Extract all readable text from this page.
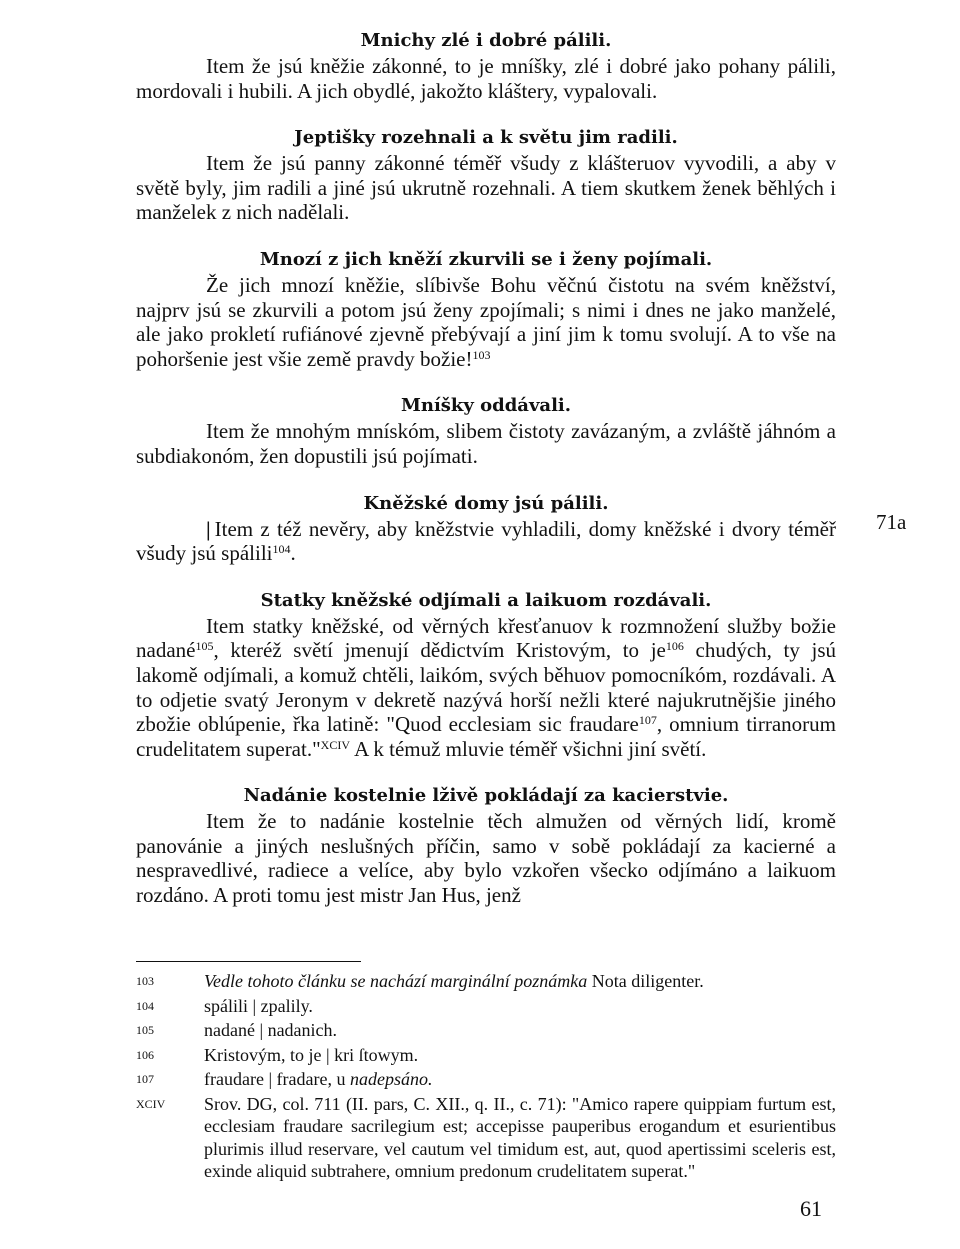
Mnichy zlé i dobré pálili.

Item že jsú kněžie zákonné, to je mníšky, zlé i dobré jako pohany pálili, mordovali i hubili. A jich obydlé, jakožto kláštery, vypalovali.

Jeptišky rozehnali a k světu jim radili.

Item že jsú panny zákonné téměř všudy z klášteruov vyvodili, a aby v světě byly, jim radili a jiné jsú ukrutně rozehnali. A tiem skutkem ženek běhlých i manželek z nich nadělali.

Mnozí z jich kněží zkurvili se i ženy pojímali.

Že jich mnozí kněžie, slíbivše Bohu věčnú čistotu na svém kněžství, najprv jsú se zkurvili a potom jsú ženy zpojímali; s nimi i dnes ne jako manželé, ale jako prokletí rufiánové zjevně přebývají a jiní jim k tomu svolují. A to vše na pohoršenie jest všie země pravdy božie!$^{103}$

Mníšky oddávali.

Item že mnohým mnískóm, slibem čistoty zavázaným, a zvláště jáhnóm a subdiakonóm, žen dopustili jsú pojímati.

Kněžské domy jsú pálili.

| Item z též nevěry, aby kněžstvie vyhladili, domy kněžské i dvory téměř všudy jsú spálili$^{104}$.

Statky kněžské odjímali a laikuom rozdávali.

Item statky kněžské, od věrných křesťanuov k rozmnožení služby božie nadané$^{105}$, kteréž světí jmenují dědictvím Kristovým, to $je^{106}$ chudých, ty jsú lakomě odjímali, a komuž chtěli, laikóm, svých běhuov pomocníkóm, rozdávali. A to odjetie svatý Jeronym v dekretě nazývá horší nežli které najukrutnějšie jiného zbožie oblúpenie, řka latině: "Quod ecclesiam sic fraudare$^{107}$, omnium tirranorum crudelitatem superat."$^{XCIV}$ A k témuž mluvie téměř všichni jiní světí.

Nadánie kostelnie lživě pokládají za kacierstvie.

Item že to nadánie kostelnie těch almužen od věrných lidí, kromě panovánie a jiných neslušných příčin, samo v sobě pokládají za kacierné a nespravedlivé, radiece a velíce, aby bylo vzkořen všecko odjímáno a laikuom rozdáno. A proti tomu jest mistr Jan Hus, jenž

71a
103	Vedle tohoto článku se nachází marginální poznámka Nota diligenter.
104	spálili | zpalily.
105	nadané | nadanich.
106	Kristovým, to je | kri ſtowym.
107	fraudare | fradare, u nadepsáno.
XCIV	Srov. DG, col. 711 (II. pars, C. XII., q. II., c. 71): "Amico rapere quippiam furtum est, ecclesiam fraudare sacrilegium est; accepisse pauperibus erogandum et esurientibus plurimis illud reservare, vel cautum vel timidum est, aut, quod apertissimi sceleris est, exinde aliquid subtrahere, omnium predonum crudelitatem superat."
61
